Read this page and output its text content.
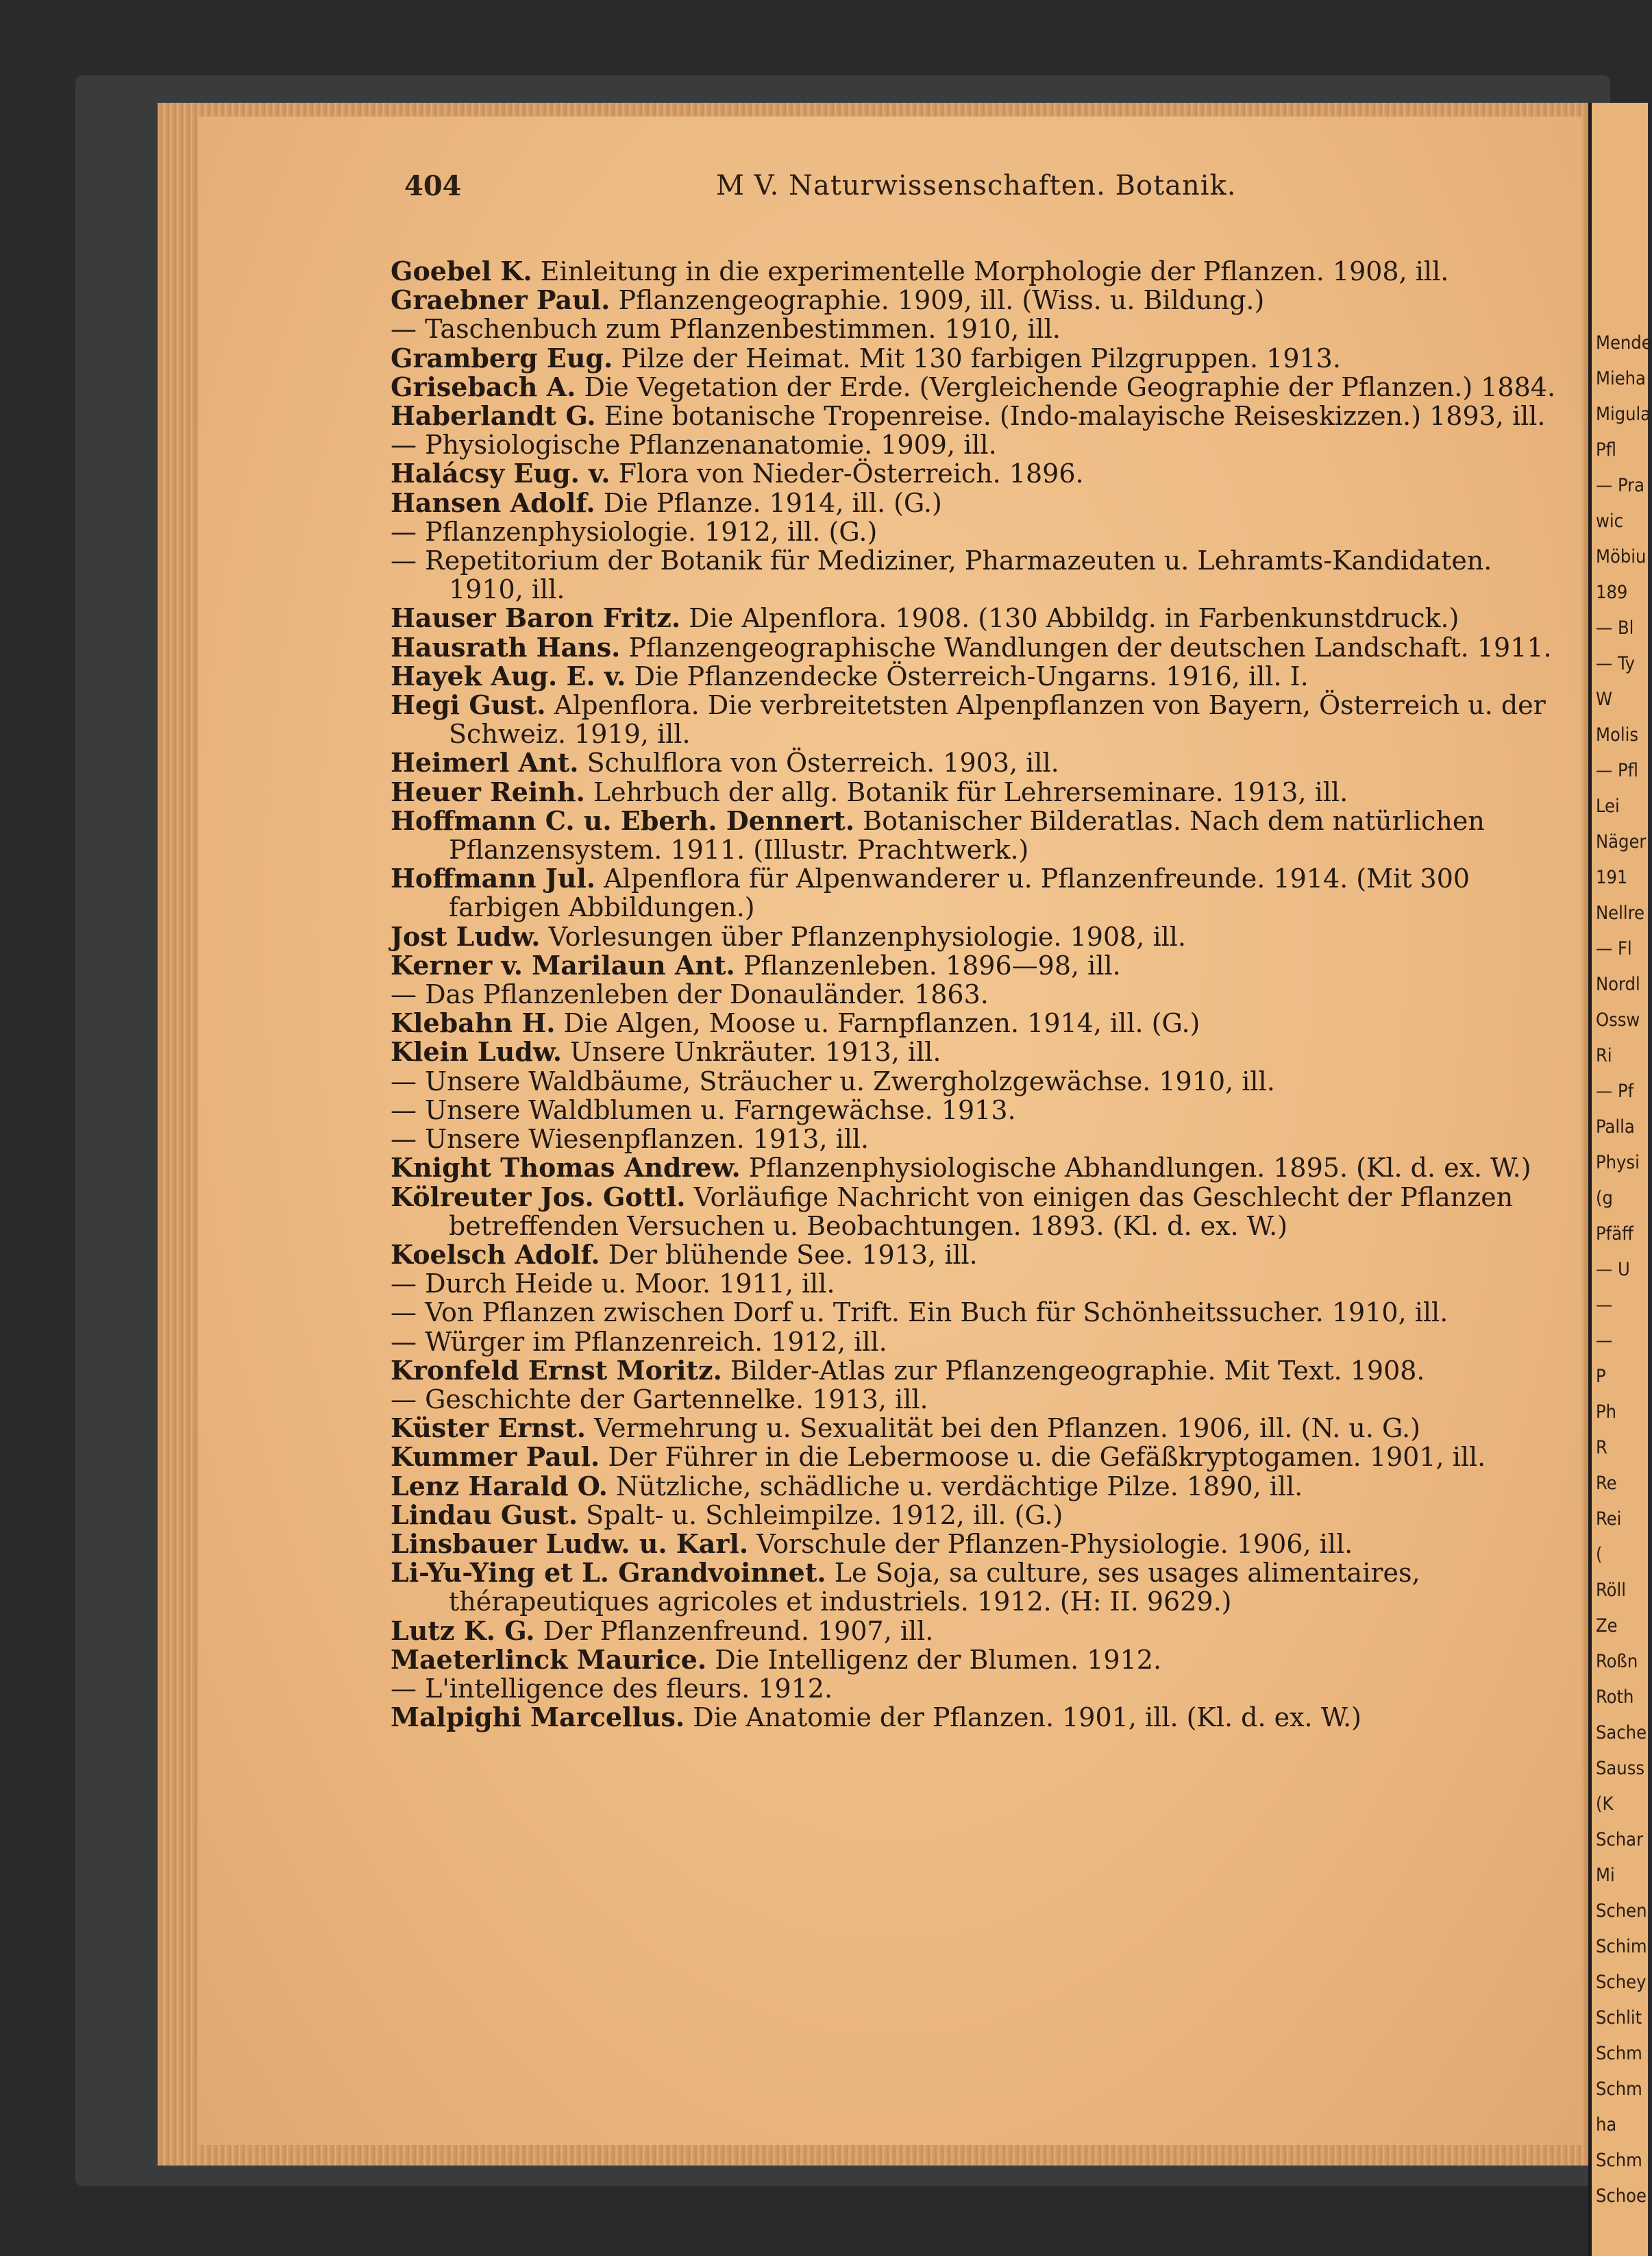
Mende
Mieha
Migula
Pfl
— Pra
wic
Möbiu
189
— Bl
— Ty
W
Molis
— Pfl
Lei
Näger
191
Nellre
— Fl
Nordl
Ossw
Ri
— Pf
Palla
Physi
(g
Pfäff
— U
—
—
P
Ph
R
Re
Rei
(
Röll
Ze
Roßn
Roth
Sache
Sauss
(K
Schar
Mi
Schen
Schim
Schey
Schlit
Schm
Schm
ha
Schm
Schoe
404	M V. Naturwissenschaften. Botanik.

Goebel K. Einleitung in die experimentelle Morphologie der Pflanzen. 1908, ill.

Graebner Paul. Pflanzengeographie. 1909, ill. (Wiss. u. Bildung.)

— Taschenbuch zum Pflanzenbestimmen. 1910, ill.

Gramberg Eug. Pilze der Heimat. Mit 130 farbigen Pilzgruppen. 1913.

Grisebach A. Die Vegetation der Erde. (Vergleichende Geographie der Pflanzen.) 1884.

Haberlandt G. Eine botanische Tropenreise. (Indo-malayische Reiseskizzen.) 1893, ill.

— Physiologische Pflanzenanatomie. 1909, ill.

Halácsy Eug. v. Flora von Nieder-Österreich. 1896.

Hansen Adolf. Die Pflanze. 1914, ill. (G.)

— Pflanzenphysiologie. 1912, ill. (G.)

— Repetitorium der Botanik für Mediziner, Pharmazeuten u. Lehramts-Kandidaten. 1910, ill.

Hauser Baron Fritz. Die Alpenflora. 1908. (130 Abbildg. in Farbenkunstdruck.)

Hausrath Hans. Pflanzengeographische Wandlungen der deutschen Landschaft. 1911.

Hayek Aug. E. v. Die Pflanzendecke Österreich-Ungarns. 1916, ill. I.

Hegi Gust. Alpenflora. Die verbreitetsten Alpenpflanzen von Bayern, Österreich u. der Schweiz. 1919, ill.

Heimerl Ant. Schulflora von Österreich. 1903, ill.

Heuer Reinh. Lehrbuch der allg. Botanik für Lehrerseminare. 1913, ill.

Hoffmann C. u. Eberh. Dennert. Botanischer Bilderatlas. Nach dem natürlichen Pflanzensystem. 1911. (Illustr. Prachtwerk.)

Hoffmann Jul. Alpenflora für Alpenwanderer u. Pflanzenfreunde. 1914. (Mit 300 farbigen Abbildungen.)

Jost Ludw. Vorlesungen über Pflanzenphysiologie. 1908, ill.

Kerner v. Marilaun Ant. Pflanzenleben. 1896—98, ill.

— Das Pflanzenleben der Donauländer. 1863.

Klebahn H. Die Algen, Moose u. Farnpflanzen. 1914, ill. (G.)

Klein Ludw. Unsere Unkräuter. 1913, ill.

— Unsere Waldbäume, Sträucher u. Zwergholzgewächse. 1910, ill.

— Unsere Waldblumen u. Farngewächse. 1913.

— Unsere Wiesenpflanzen. 1913, ill.

Knight Thomas Andrew. Pflanzenphysiologische Abhandlungen. 1895. (Kl. d. ex. W.)

Kölreuter Jos. Gottl. Vorläufige Nachricht von einigen das Geschlecht der Pflanzen betreffenden Versuchen u. Beobachtungen. 1893. (Kl. d. ex. W.)

Koelsch Adolf. Der blühende See. 1913, ill.

— Durch Heide u. Moor. 1911, ill.

— Von Pflanzen zwischen Dorf u. Trift. Ein Buch für Schönheitssucher. 1910, ill.

— Würger im Pflanzenreich. 1912, ill.

Kronfeld Ernst Moritz. Bilder-Atlas zur Pflanzengeographie. Mit Text. 1908.

— Geschichte der Gartennelke. 1913, ill.

Küster Ernst. Vermehrung u. Sexualität bei den Pflanzen. 1906, ill. (N. u. G.)

Kummer Paul. Der Führer in die Lebermoose u. die Gefäßkryptogamen. 1901, ill.

Lenz Harald O. Nützliche, schädliche u. verdächtige Pilze. 1890, ill.

Lindau Gust. Spalt- u. Schleimpilze. 1912, ill. (G.)

Linsbauer Ludw. u. Karl. Vorschule der Pflanzen-Physiologie. 1906, ill.

Li-Yu-Ying et L. Grandvoinnet. Le Soja, sa culture, ses usages alimentaires, thérapeutiques agricoles et industriels. 1912. (H: II. 9629.)

Lutz K. G. Der Pflanzenfreund. 1907, ill.

Maeterlinck Maurice. Die Intelligenz der Blumen. 1912.

— L'intelligence des fleurs. 1912.

Malpighi Marcellus. Die Anatomie der Pflanzen. 1901, ill. (Kl. d. ex. W.)
